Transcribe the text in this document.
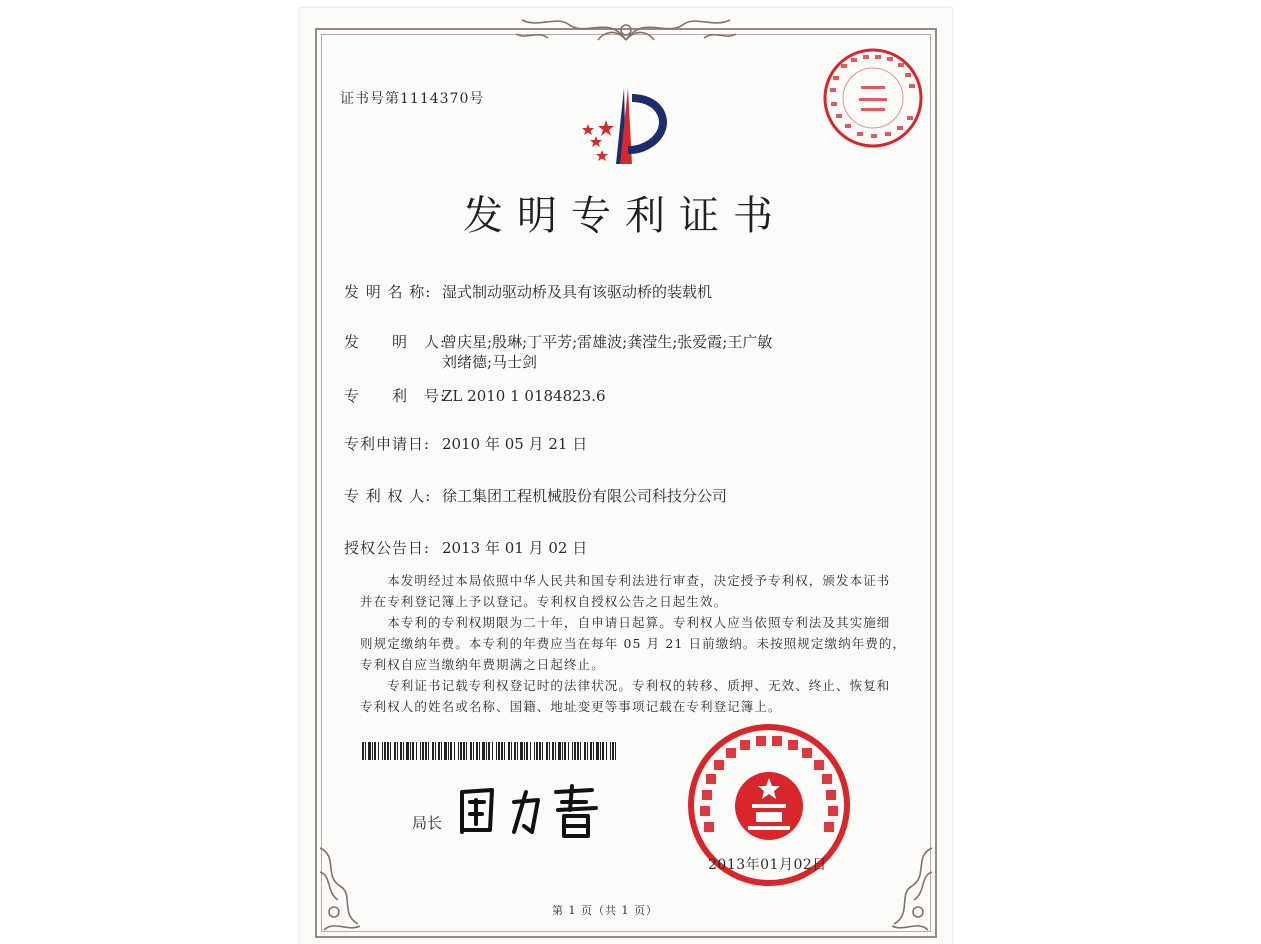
证书号第1114370号
发明专利证书
发 明 名 称: 湿式制动驱动桥及具有该驱动桥的装载机
发　　明　人:曾庆星;殷琳;丁平芳;雷雄波;龚滢生;张爱霞;王广敏
刘绪德;马士剑
专　　利　号:ZL 2010 1 0184823.6
专利申请日: 2010 年 05 月 21 日
专 利 权 人: 徐工集团工程机械股份有限公司科技分公司
授权公告日: 2013 年 01 月 02 日
　　本发明经过本局依照中华人民共和国专利法进行审查，决定授予专利权，颁发本证书
并在专利登记簿上予以登记。专利权自授权公告之日起生效。
　　本专利的专利权期限为二十年，自申请日起算。专利权人应当依照专利法及其实施细
则规定缴纳年费。本专利的年费应当在每年 05 月 21 日前缴纳。未按照规定缴纳年费的，
专利权自应当缴纳年费期满之日起终止。
　　专利证书记载专利权登记时的法律状况。专利权的转移、质押、无效、终止、恢复和
专利权人的姓名或名称、国籍、地址变更等事项记载在专利登记簿上。
局长
2013年01月02日
第 1 页（共 1 页）
